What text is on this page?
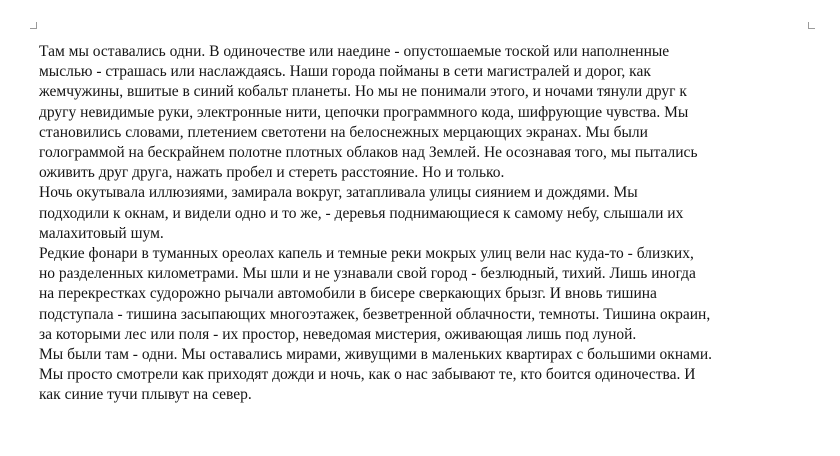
Там мы оставались одни. В одиночестве или наедине - опустошаемые тоской или наполненные
мыслью - страшась или наслаждаясь. Наши города пойманы в сети магистралей и дорог, как
жемчужины, вшитые в синий кобальт планеты. Но мы не понимали этого, и ночами тянули друг к
другу невидимые руки, электронные нити, цепочки программного кода, шифрующие чувства. Мы
становились словами, плетением светотени на белоснежных мерцающих экранах. Мы были
голограммой на бескрайнем полотне плотных облаков над Землей. Не осознавая того, мы пытались
оживить друг друга, нажать пробел и стереть расстояние. Но и только.
Ночь окутывала иллюзиями, замирала вокруг, затапливала улицы сиянием и дождями. Мы
подходили к окнам, и видели одно и то же, - деревья поднимающиеся к самому небу, слышали их
малахитовый шум.
Редкие фонари в туманных ореолах капель и темные реки мокрых улиц вели нас куда-то - близких,
но разделенных километрами. Мы шли и не узнавали свой город - безлюдный, тихий. Лишь иногда
на перекрестках судорожно рычали автомобили в бисере сверкающих брызг. И вновь тишина
подступала - тишина засыпающих многоэтажек, безветренной облачности, темноты. Тишина окраин,
за которыми лес или поля - их простор, неведомая мистерия, оживающая лишь под луной.
Мы были там - одни. Мы оставались мирами, живущими в маленьких квартирах с большими окнами.
Мы просто смотрели как приходят дожди и ночь, как о нас забывают те, кто боится одиночества. И
как синие тучи плывут на север.
